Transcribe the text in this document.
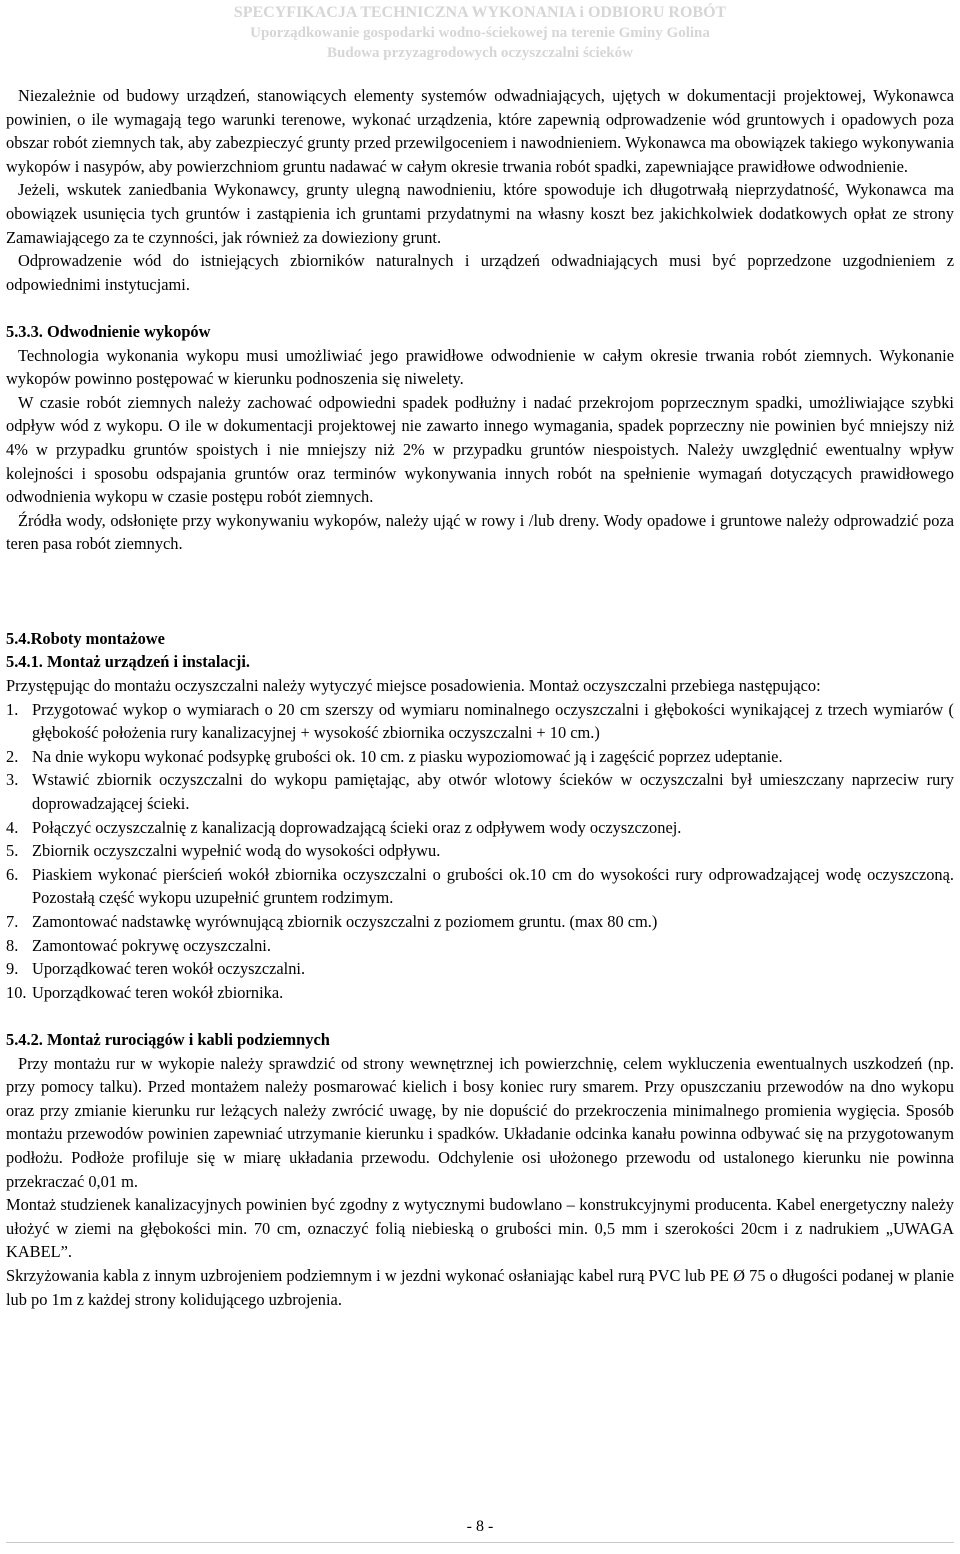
SPECYFIKACJA TECHNICZNA WYKONANIA i ODBIORU ROBÓT
Uporządkowanie gospodarki wodno-ściekowej na terenie Gminy Golina
Budowa przyzagrodowych oczyszczalni ścieków

Niezależnie od budowy urządzeń, stanowiących elementy systemów odwadniających, ujętych w dokumentacji projektowej, Wykonawca powinien, o ile wymagają tego warunki terenowe, wykonać urządzenia, które zapewnią odprowadzenie wód gruntowych i opadowych poza obszar robót ziemnych tak, aby zabezpieczyć grunty przed przewilgoceniem i nawodnieniem. Wykonawca ma obowiązek takiego wykonywania wykopów i nasypów, aby powierzchniom gruntu nadawać w całym okresie trwania robót spadki, zapewniające prawidłowe odwodnienie.

Jeżeli, wskutek zaniedbania Wykonawcy, grunty ulegną nawodnieniu, które spowoduje ich długotrwałą nieprzydatność, Wykonawca ma obowiązek usunięcia tych gruntów i zastąpienia ich gruntami przydatnymi na własny koszt bez jakichkolwiek dodatkowych opłat ze strony Zamawiającego za te czynności, jak również za dowieziony grunt.

Odprowadzenie wód do istniejących zbiorników naturalnych i urządzeń odwadniających musi być poprzedzone uzgodnieniem z odpowiednimi instytucjami.

5.3.3. Odwodnienie wykopów

Technologia wykonania wykopu musi umożliwiać jego prawidłowe odwodnienie w całym okresie trwania robót ziemnych. Wykonanie wykopów powinno postępować w kierunku podnoszenia się niwelety.

W czasie robót ziemnych należy zachować odpowiedni spadek podłużny i nadać przekrojom poprzecznym spadki, umożliwiające szybki odpływ wód z wykopu. O ile w dokumentacji projektowej nie zawarto innego wymagania, spadek poprzeczny nie powinien być mniejszy niż 4% w przypadku gruntów spoistych i nie mniejszy niż 2% w przypadku gruntów niespoistych. Należy uwzględnić ewentualny wpływ kolejności i sposobu odspajania gruntów oraz terminów wykonywania innych robót na spełnienie wymagań dotyczących prawidłowego odwodnienia wykopu w czasie postępu robót ziemnych.

Źródła wody, odsłonięte przy wykonywaniu wykopów, należy ująć w rowy i /lub dreny. Wody opadowe i gruntowe należy odprowadzić poza teren pasa robót ziemnych.

5.4.Roboty montażowe

5.4.1. Montaż urządzeń i instalacji.

Przystępując do montażu oczyszczalni należy wytyczyć miejsce posadowienia. Montaż oczyszczalni przebiega następująco:

1. Przygotować wykop o wymiarach o 20 cm szerszy od wymiaru nominalnego oczyszczalni i głębokości wynikającej z trzech wymiarów ( głębokość położenia rury kanalizacyjnej + wysokość zbiornika oczyszczalni + 10 cm.)
2. Na dnie wykopu wykonać podsypkę grubości ok. 10 cm. z piasku wypoziomować ją i zagęścić poprzez udeptanie.
3. Wstawić zbiornik oczyszczalni do wykopu pamiętając, aby otwór wlotowy ścieków w oczyszczalni był umieszczany naprzeciw rury doprowadzającej ścieki.
4. Połączyć oczyszczalnię z kanalizacją doprowadzającą ścieki oraz z odpływem wody oczyszczonej.
5. Zbiornik oczyszczalni wypełnić wodą do wysokości odpływu.
6. Piaskiem wykonać pierścień wokół zbiornika oczyszczalni o grubości ok.10 cm do wysokości rury odprowadzającej wodę oczyszczoną. Pozostałą część wykopu uzupełnić gruntem rodzimym.
7. Zamontować nadstawkę wyrównującą zbiornik oczyszczalni z poziomem gruntu. (max 80 cm.)
8. Zamontować pokrywę oczyszczalni.
9. Uporządkować teren wokół oczyszczalni.
10. Uporządkować teren wokół zbiornika.

5.4.2. Montaż rurociągów i kabli podziemnych

Przy montażu rur w wykopie należy sprawdzić od strony wewnętrznej ich powierzchnię, celem wykluczenia ewentualnych uszkodzeń (np. przy pomocy talku). Przed montażem należy posmarować kielich i bosy koniec rury smarem. Przy opuszczaniu przewodów na dno wykopu oraz przy zmianie kierunku rur leżących należy zwrócić uwagę, by nie dopuścić do przekroczenia minimalnego promienia wygięcia. Sposób montażu przewodów powinien zapewniać utrzymanie kierunku i spadków. Układanie odcinka kanału powinna odbywać się na przygotowanym podłożu. Podłoże profiluje się w miarę układania przewodu. Odchylenie osi ułożonego przewodu od ustalonego kierunku nie powinna przekraczać 0,01 m.

Montaż studzienek kanalizacyjnych powinien być zgodny z wytycznymi budowlano – konstrukcyjnymi producenta. Kabel energetyczny należy ułożyć w ziemi na głębokości min. 70 cm, oznaczyć folią niebieską o grubości min. 0,5 mm i szerokości 20cm i z nadrukiem „UWAGA KABEL”.

Skrzyżowania kabla z innym uzbrojeniem podziemnym i w jezdni wykonać osłaniając kabel rurą PVC lub PE Ø 75 o długości podanej w planie lub po 1m z każdej strony kolidującego uzbrojenia.

- 8 -
